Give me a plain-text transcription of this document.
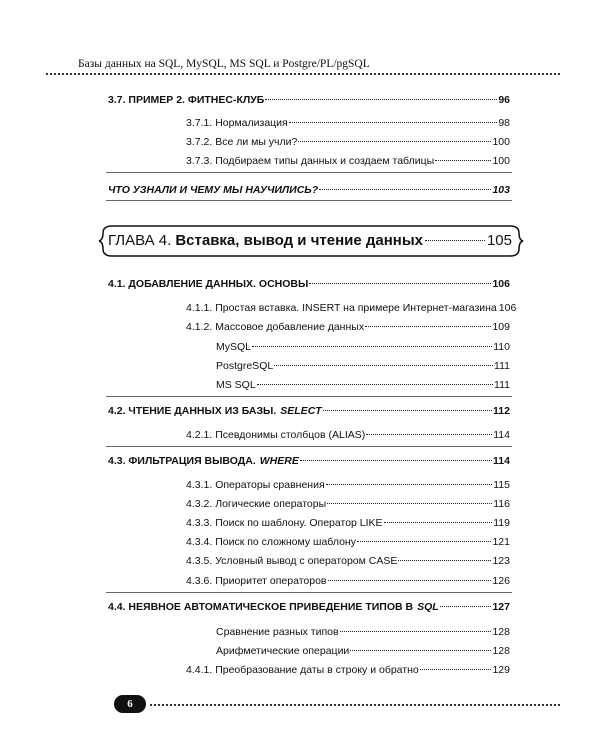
Базы данных на SQL, MySQL, MS SQL и Postgre/PL/pgSQL
3.7. ПРИМЕР 2. ФИТНЕС-КЛУБ	96
3.7.1. Нормализация	98
3.7.2. Все ли мы учли?	100
3.7.3. Подбираем типы данных и создаем таблицы	100
ЧТО УЗНАЛИ И ЧЕМУ МЫ НАУЧИЛИСЬ?	103
ГЛАВА 4. Вставка, вывод и чтение данных	105
4.1. ДОБАВЛЕНИЕ ДАННЫХ. ОСНОВЫ	106
4.1.1. Простая вставка. INSERT на примере Интернет-магазина 106
4.1.2. Массовое добавление данных	109
MySQL	110
PostgreSQL	111
MS SQL	111
4.2. ЧТЕНИЕ ДАННЫХ ИЗ БАЗЫ. SELECT	112
4.2.1. Псевдонимы столбцов (ALIAS)	114
4.3. ФИЛЬТРАЦИЯ ВЫВОДА. WHERE	114
4.3.1. Операторы сравнения	115
4.3.2. Логические операторы	116
4.3.3. Поиск по шаблону. Оператор LIKE	119
4.3.4. Поиск по сложному шаблону	121
4.3.5. Условный вывод с оператором CASE	123
4.3.6. Приоритет операторов	126
4.4. НЕЯВНОЕ АВТОМАТИЧЕСКОЕ ПРИВЕДЕНИЕ ТИПОВ В SQL	127
Сравнение разных типов	128
Арифметические операции	128
4.4.1. Преобразование даты в строку и обратно	129
6
